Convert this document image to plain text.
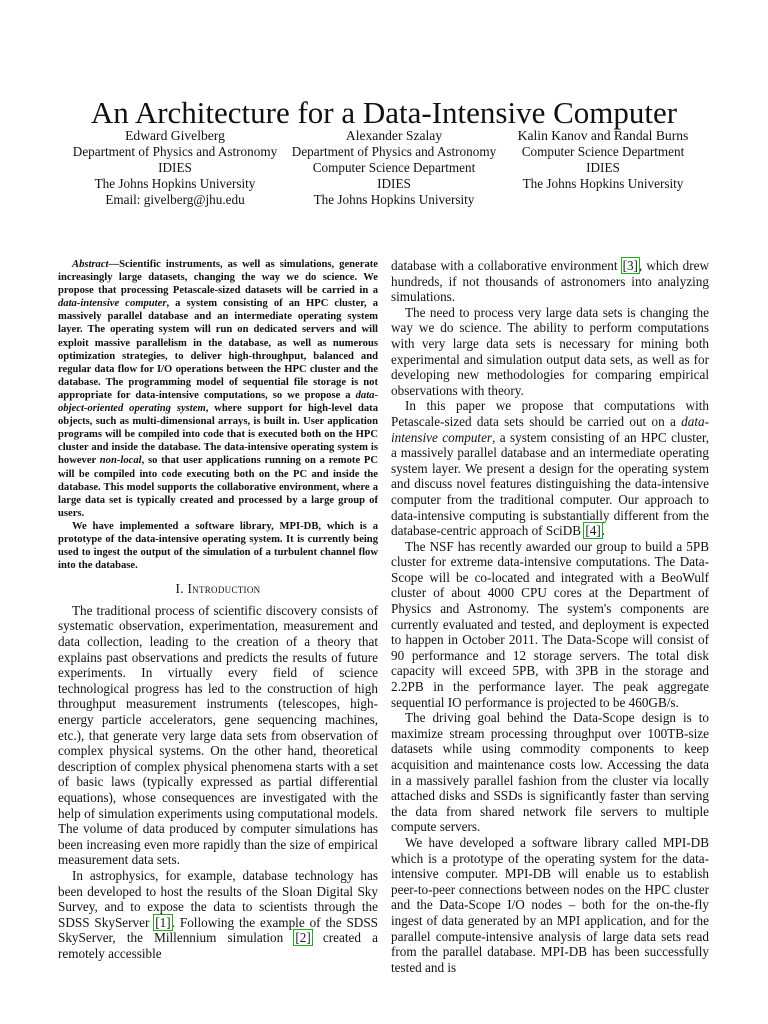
An Architecture for a Data-Intensive Computer
Edward Givelberg
Department of Physics and Astronomy
IDIES
The Johns Hopkins University
Email: givelberg@jhu.edu
Alexander Szalay
Department of Physics and Astronomy
Computer Science Department
IDIES
The Johns Hopkins University
Kalin Kanov and Randal Burns
Computer Science Department
IDIES
The Johns Hopkins University

Abstract—Scientific instruments, as well as simulations, generate increasingly large datasets, changing the way we do science. We propose that processing Petascale-sized datasets will be carried in a data-intensive computer, a system consisting of an HPC cluster, a massively parallel database and an intermediate operating system layer. The operating system will run on dedicated servers and will exploit massive parallelism in the database, as well as numerous optimization strategies, to deliver high-throughput, balanced and regular data flow for I/O operations between the HPC cluster and the database. The programming model of sequential file storage is not appropriate for data-intensive computations, so we propose a data-object-oriented operating system, where support for high-level data objects, such as multi-dimensional arrays, is built in. User application programs will be compiled into code that is executed both on the HPC cluster and inside the database. The data-intensive operating system is however non-local, so that user applications running on a remote PC will be compiled into code executing both on the PC and inside the database. This model supports the collaborative environment, where a large data set is typically created and processed by a large group of users.

We have implemented a software library, MPI-DB, which is a prototype of the data-intensive operating system. It is currently being used to ingest the output of the simulation of a turbulent channel flow into the database.

I. Introduction

The traditional process of scientific discovery consists of systematic observation, experimentation, measurement and data collection, leading to the creation of a theory that explains past observations and predicts the results of future experiments. In virtually every field of science technological progress has led to the construction of high throughput measurement instruments (telescopes, high-energy particle accelerators, gene sequencing machines, etc.), that generate very large data sets from observation of complex physical systems. On the other hand, theoretical description of complex physical phenomena starts with a set of basic laws (typically expressed as partial differential equations), whose consequences are investigated with the help of simulation experiments using computational models. The volume of data produced by computer simulations has been increasing even more rapidly than the size of empirical measurement data sets.

In astrophysics, for example, database technology has been developed to host the results of the Sloan Digital Sky Survey, and to expose the data to scientists through the SDSS SkyServer [1]. Following the example of the SDSS SkyServer, the Millennium simulation [2] created a remotely accessible

database with a collaborative environment [3], which drew hundreds, if not thousands of astronomers into analyzing simulations.

The need to process very large data sets is changing the way we do science. The ability to perform computations with very large data sets is necessary for mining both experimental and simulation output data sets, as well as for developing new methodologies for comparing empirical observations with theory.

In this paper we propose that computations with Petascale-sized data sets should be carried out on a data-intensive computer, a system consisting of an HPC cluster, a massively parallel database and an intermediate operating system layer. We present a design for the operating system and discuss novel features distinguishing the data-intensive computer from the traditional computer. Our approach to data-intensive computing is substantially different from the database-centric approach of SciDB [4].

The NSF has recently awarded our group to build a 5PB cluster for extreme data-intensive computations. The Data-Scope will be co-located and integrated with a BeoWulf cluster of about 4000 CPU cores at the Department of Physics and Astronomy. The system's components are currently evaluated and tested, and deployment is expected to happen in October 2011. The Data-Scope will consist of 90 performance and 12 storage servers. The total disk capacity will exceed 5PB, with 3PB in the storage and 2.2PB in the performance layer. The peak aggregate sequential IO performance is projected to be 460GB/s.

The driving goal behind the Data-Scope design is to maximize stream processing throughput over 100TB-size datasets while using commodity components to keep acquisition and maintenance costs low. Accessing the data in a massively parallel fashion from the cluster via locally attached disks and SSDs is significantly faster than serving the data from shared network file servers to multiple compute servers.

We have developed a software library called MPI-DB which is a prototype of the operating system for the data-intensive computer. MPI-DB will enable us to establish peer-to-peer connections between nodes on the HPC cluster and the Data-Scope I/O nodes – both for the on-the-fly ingest of data generated by an MPI application, and for the parallel compute-intensive analysis of large data sets read from the parallel database. MPI-DB has been successfully tested and is
